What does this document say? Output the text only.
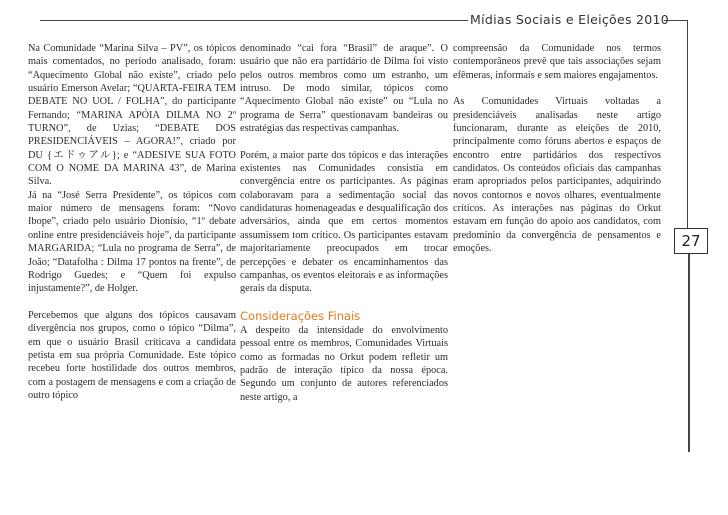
Mídias Sociais e Eleições 2010
27

Na Comunidade “Marina Silva – PV”, os tópicos mais comentados, no período analisado, foram: “Aquecimento Global não existe”, criado pelo usuário Emerson Avelar; “QUARTA-FEIRA TEM DEBATE NO UOL / FOLHA”, do participante Fernando; “MARINA APÓIA DILMA NO 2º TURNO”, de Uzias; “DEBATE DOS PRESIDENCIÁVEIS – AGORA!”, criado por DU {エドゥアル}; e “ADESIVE SUA FOTO COM O NOME DA MARINA 43”, de Marina Silva.

Já na “José Serra Presidente”, os tópicos com maior número de mensagens foram: “Novo Ibope”, criado pelo usuário Dionísio, “1º debate online entre presidenciáveis hoje”, da participante MARGARIDA; “Lula no programa de Serra”, de João; “Datafolha : Dilma 17 pontos na frente”, de Rodrigo Guedes; e “Quem foi expulso injustamente?”, de Holger.

Percebemos que alguns dos tópicos causavam divergência nos grupos, como o tópico “Dilma”, em que o usuário Brasil criticava a candidata petista em sua própria Comunidade. Este tópico recebeu forte hostilidade dos outros membros, com a postagem de mensagens e com a criação de outro tópico

denominado “cai fora “Brasil” de araque”. O usuário que não era partidário de Dilma foi visto pelos outros membros como um estranho, um intruso. De modo similar, tópicos como “Aquecimento Global não existe” ou “Lula no programa de Serra” questionavam bandeiras ou estratégias das respectivas campanhas.

Porém, a maior parte dos tópicos e das interações existentes nas Comunidades consistia em convergência entre os participantes. As páginas colaboravam para a sedimentação social das candidaturas homenageadas e desqualificação dos adversários, ainda que em certos momentos assumissem tom crítico. Os participantes estavam majoritariamente preocupados em trocar percepções e debater os encaminhamentos das campanhas, os eventos eleitorais e as informações gerais da disputa.

Considerações Finais

A despeito da intensidade do envolvimento pessoal entre os membros, Comunidades Virtuais como as formadas no Orkut podem refletir um padrão de interação típico da nossa época. Segundo um conjunto de autores referenciados neste artigo, a

compreensão da Comunidade nos termos contemporâneos prevê que tais associações sejam efêmeras, informais e sem maiores engajamentos.

As Comunidades Virtuais voltadas a presidenciáveis analisadas neste artigo funcionaram, durante as eleições de 2010, principalmente como fóruns abertos e espaços de encontro entre partidários dos respectivos candidatos. Os conteúdos oficiais das campanhas eram apropriados pelos participantes, adquirindo novos contornos e novos olhares, eventualmente críticos. As interações nas páginas do Orkut estavam em função do apoio aos candidatos, com predomínio da convergência de pensamentos e emoções.
